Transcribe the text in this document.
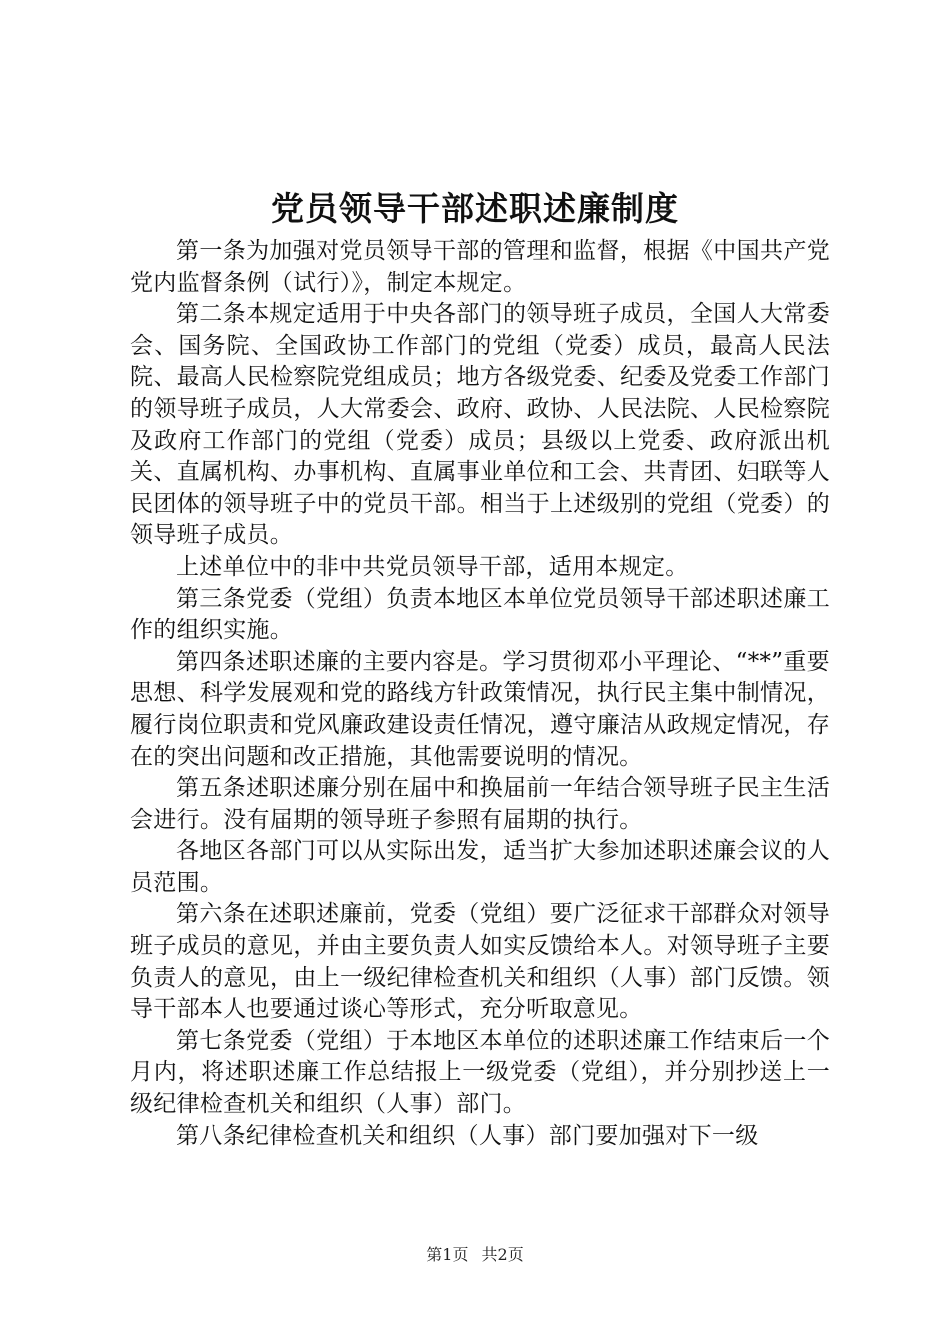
党员领导干部述职述廉制度

第一条为加强对党员领导干部的管理和监督，根据《中国共产党党内监督条例（试行）》，制定本规定。

第二条本规定适用于中央各部门的领导班子成员，全国人大常委会、国务院、全国政协工作部门的党组（党委）成员，最高人民法院、最高人民检察院党组成员；地方各级党委、纪委及党委工作部门的领导班子成员，人大常委会、政府、政协、人民法院、人民检察院及政府工作部门的党组（党委）成员；县级以上党委、政府派出机关、直属机构、办事机构、直属事业单位和工会、共青团、妇联等人民团体的领导班子中的党员干部。相当于上述级别的党组（党委）的领导班子成员。

上述单位中的非中共党员领导干部，适用本规定。

第三条党委（党组）负责本地区本单位党员领导干部述职述廉工作的组织实施。

第四条述职述廉的主要内容是。学习贯彻邓小平理论、“**”重要思想、科学发展观和党的路线方针政策情况，执行民主集中制情况，履行岗位职责和党风廉政建设责任情况，遵守廉洁从政规定情况，存在的突出问题和改正措施，其他需要说明的情况。

第五条述职述廉分别在届中和换届前一年结合领导班子民主生活会进行。没有届期的领导班子参照有届期的执行。

各地区各部门可以从实际出发，适当扩大参加述职述廉会议的人员范围。

第六条在述职述廉前，党委（党组）要广泛征求干部群众对领导班子成员的意见，并由主要负责人如实反馈给本人。对领导班子主要负责人的意见，由上一级纪律检查机关和组织（人事）部门反馈。领导干部本人也要通过谈心等形式，充分听取意见。

第七条党委（党组）于本地区本单位的述职述廉工作结束后一个月内，将述职述廉工作总结报上一级党委（党组），并分别抄送上一级纪律检查机关和组织（人事）部门。

第八条纪律检查机关和组织（人事）部门要加强对下一级

第1页 共2页
